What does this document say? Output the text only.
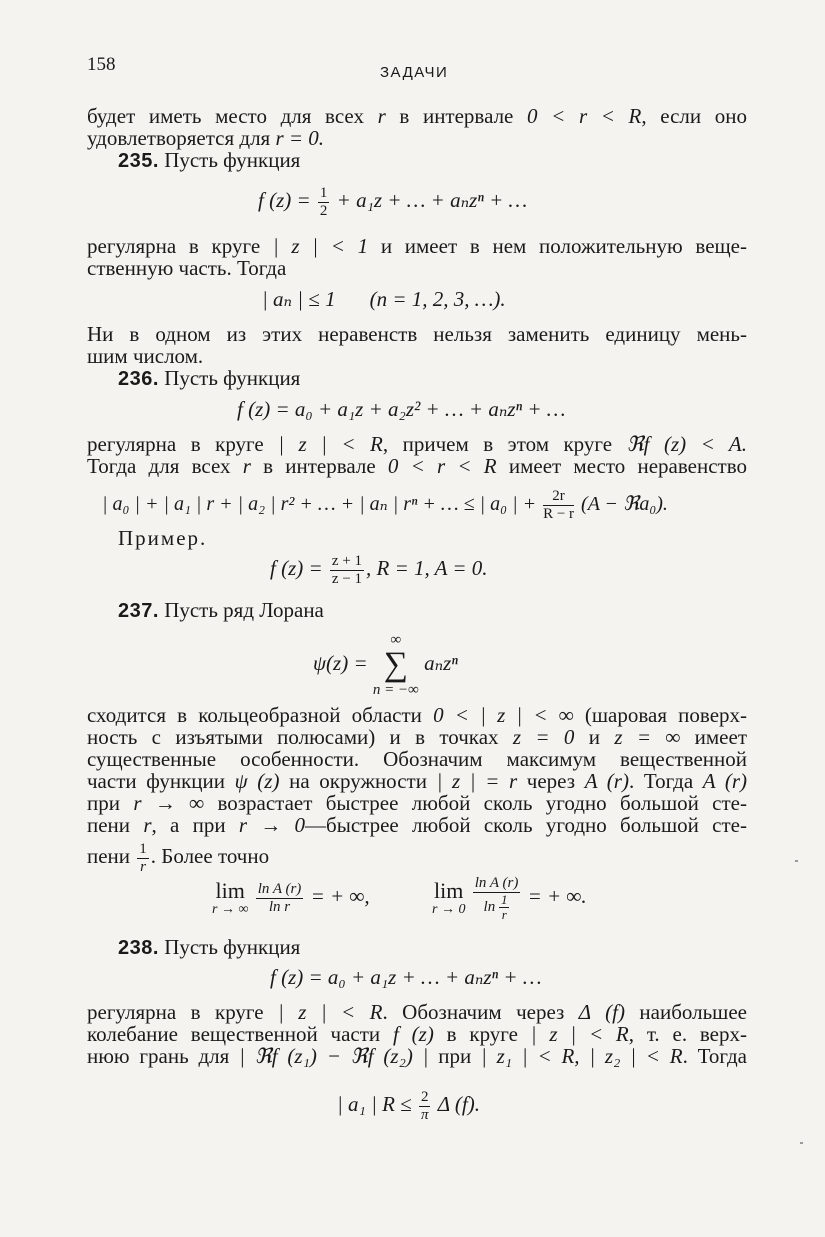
158	ЗАДАЧИ
будет иметь место для всех r в интервале 0 < r < R, если оно
удовлетворяется для r = 0.
235. Пусть функция
f $(z) = \frac{1}{2} + a_1z$ + … + aₙzⁿ + …
регулярна в круге | z | < 1 и имеет в нем положительную веще-
ственную часть. Тогда
| aₙ | ≤ 1 (n = 1, 2, 3, …).
Ни в одном из этих неравенств нельзя заменить единицу мень-
шим числом.
236. Пусть функция
f (z) = a₀ + a₁z + a₂z² + … + aₙzⁿ + …
регулярна в круге | z | < R, причем в этом круге ℜf (z) < A.
Тогда для всех r в интервале 0 < r < R имеет место неравенство
| a₀ | + | a₁ | r + | a₂ | r² + … + | aₙ | rⁿ + … ≤ | a₀ | + $\frac{2r}{R - r} (A$ − ℜa₀).
Пример.
f $(z) = \frac{z + 1}{z - 1}$ , R = 1, A = 0.
237. Пусть ряд Лорана
ψ(z) = ∞
∑
n = −∞ aₙzⁿ
сходится в кольцеобразной области 0 < | z | < ∞ (шаровая поверх-
ность с изъятыми полюсами) и в точках z = 0 и z = ∞ имеет
существенные особенности. Обозначим максимум вещественной
части функции ψ (z) на окружности | z | = r через A (r). Тогда A (r)
при r → ∞ возрастает быстрее любой сколь угодно большой сте-
пени r, а при r → 0—быстрее любой сколь угодно большой сте-
пени $\frac{1}{r}$ . Более точно
lim
r → ∞
$\frac{\text{ln A (r)}}{\text{ln r}}$ = + ∞,	lim
r → 0
$\frac{\text{ln A (r)}}{\ln \frac{1}{r}}$ = + ∞.
238. Пусть функция
f (z) = a₀ + a₁z + … + aₙzⁿ + …
регулярна в круге | z | < R. Обозначим через Δ (f) наибольшее
колебание вещественной части f (z) в круге | z | < R, т. е. верх-
нюю грань для | ℜf (z₁) − ℜf (z₂) | при | z₁ | < R, | z₂ | < R. Тогда
| a₁ | $R \le \frac{2}{\pi}$ Δ (f).
